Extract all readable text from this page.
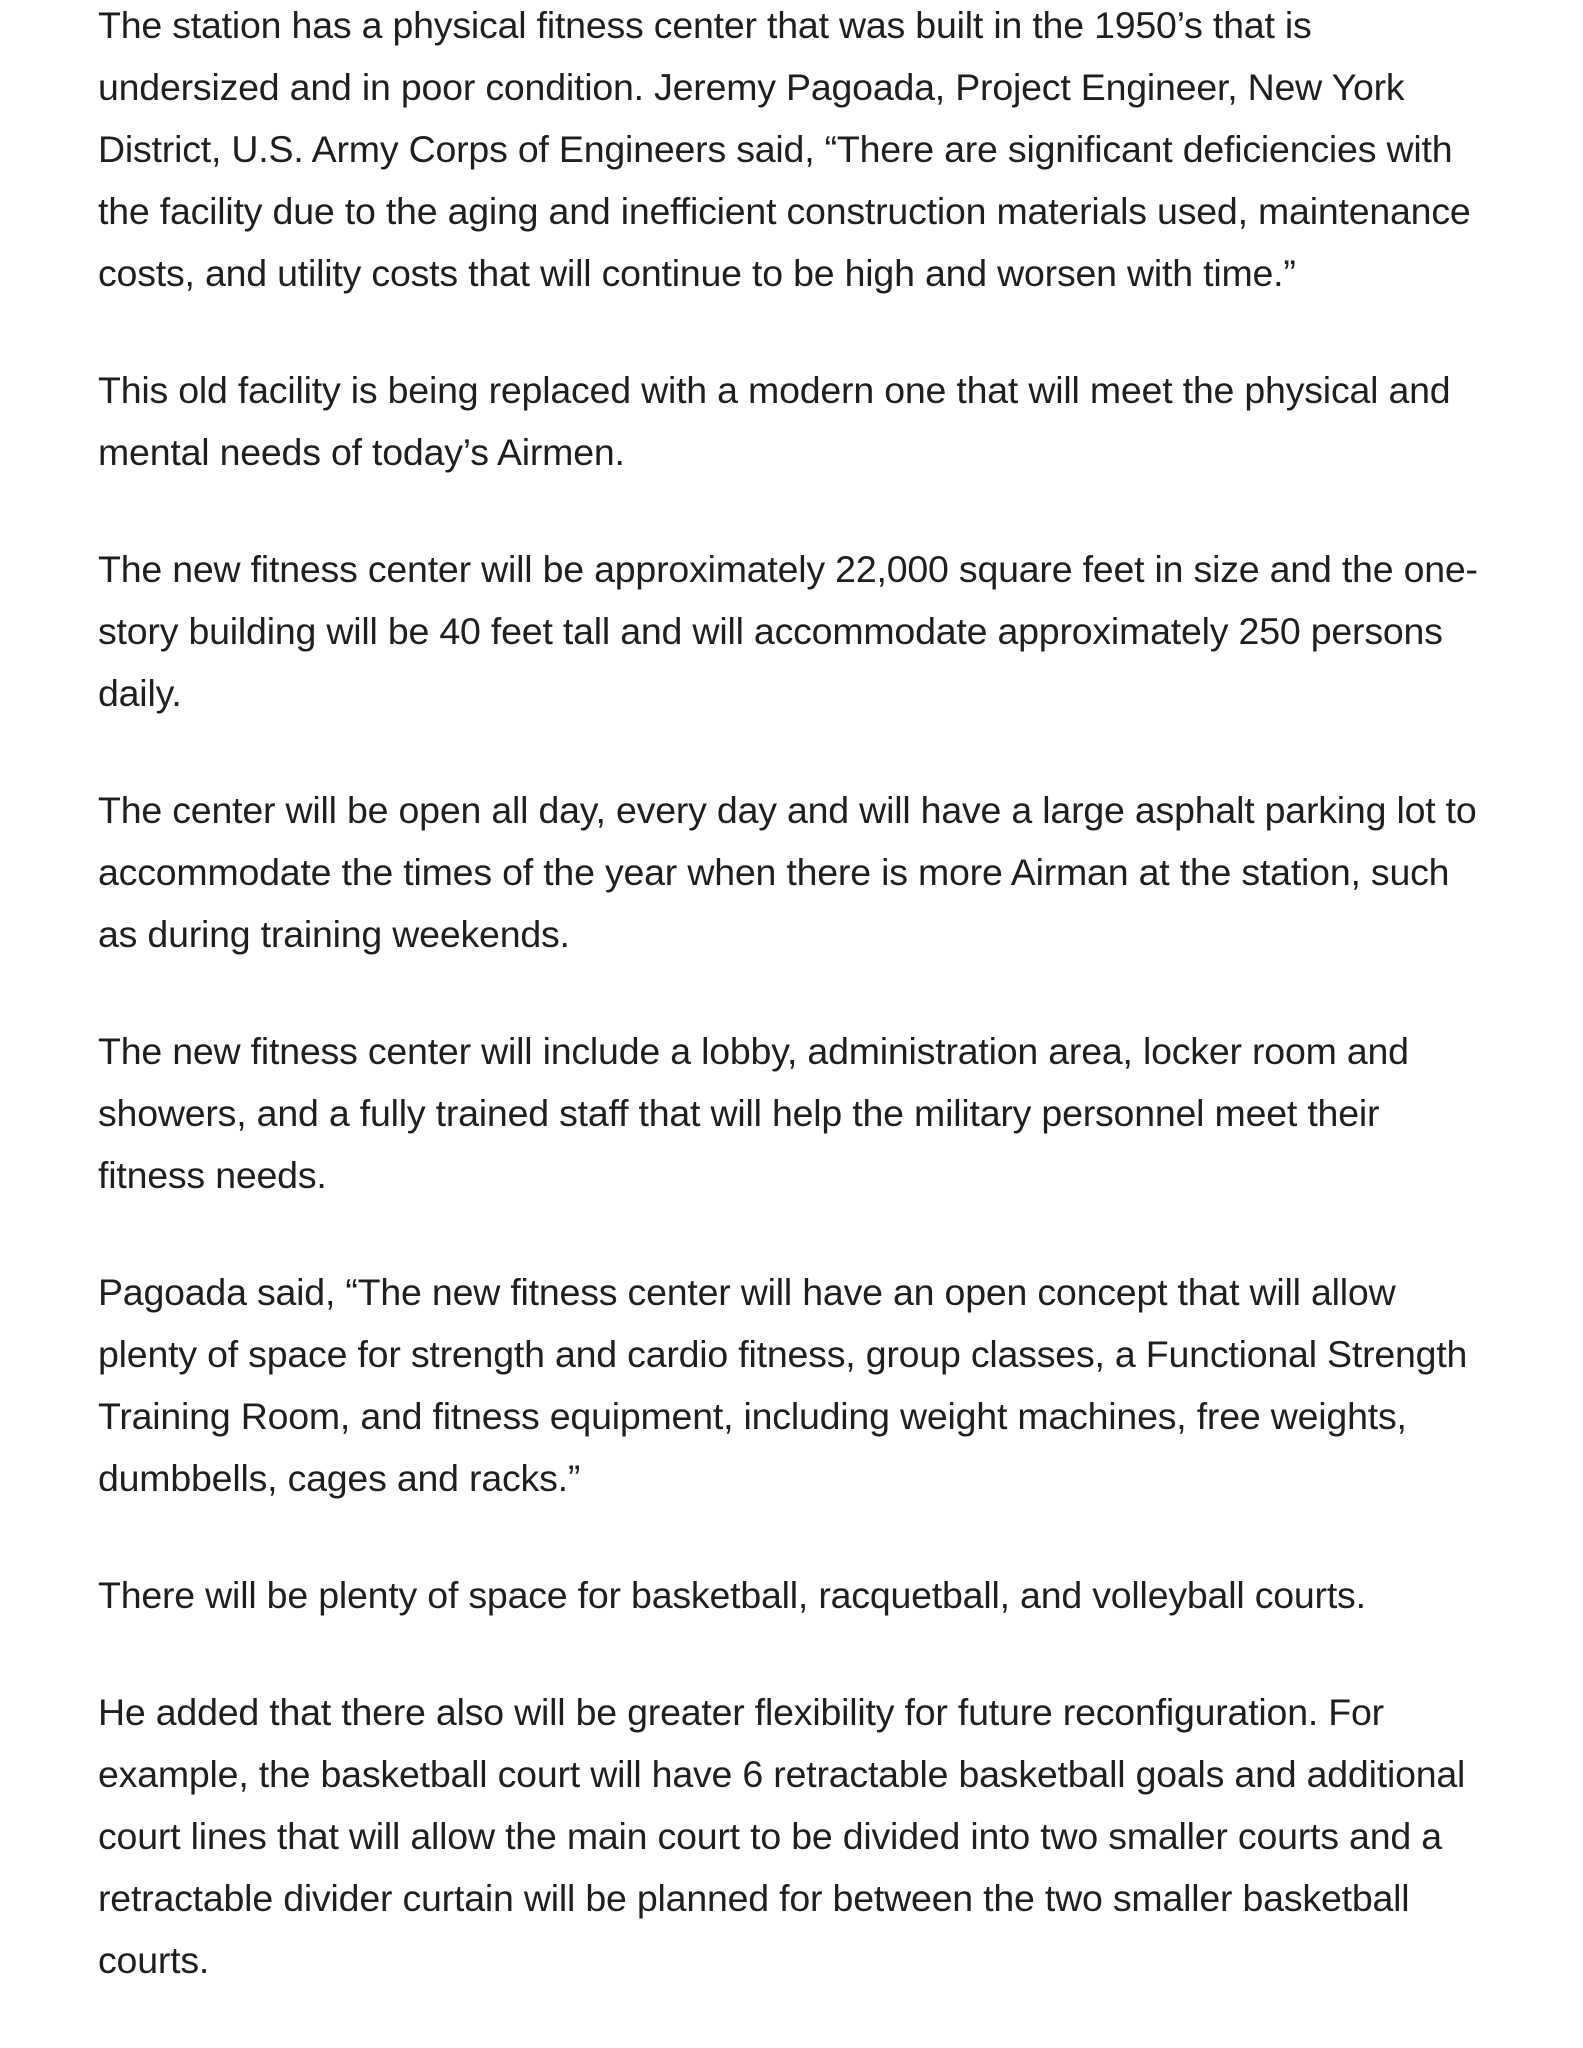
The station has a physical fitness center that was built in the 1950’s that is undersized and in poor condition. Jeremy Pagoada, Project Engineer, New York District, U.S. Army Corps of Engineers said, “There are significant deficiencies with the facility due to the aging and inefficient construction materials used, maintenance costs, and utility costs that will continue to be high and worsen with time.”

This old facility is being replaced with a modern one that will meet the physical and mental needs of today’s Airmen.

The new fitness center will be approximately 22,000 square feet in size and the one-story building will be 40 feet tall and will accommodate approximately 250 persons daily.

The center will be open all day, every day and will have a large asphalt parking lot to accommodate the times of the year when there is more Airman at the station, such as during training weekends.

The new fitness center will include a lobby, administration area, locker room and showers, and a fully trained staff that will help the military personnel meet their fitness needs.

Pagoada said, “The new fitness center will have an open concept that will allow plenty of space for strength and cardio fitness, group classes, a Functional Strength Training Room, and fitness equipment, including weight machines, free weights, dumbbells, cages and racks.”

There will be plenty of space for basketball, racquetball, and volleyball courts.

He added that there also will be greater flexibility for future reconfiguration. For example, the basketball court will have 6 retractable basketball goals and additional court lines that will allow the main court to be divided into two smaller courts and a retractable divider curtain will be planned for between the two smaller basketball courts.
